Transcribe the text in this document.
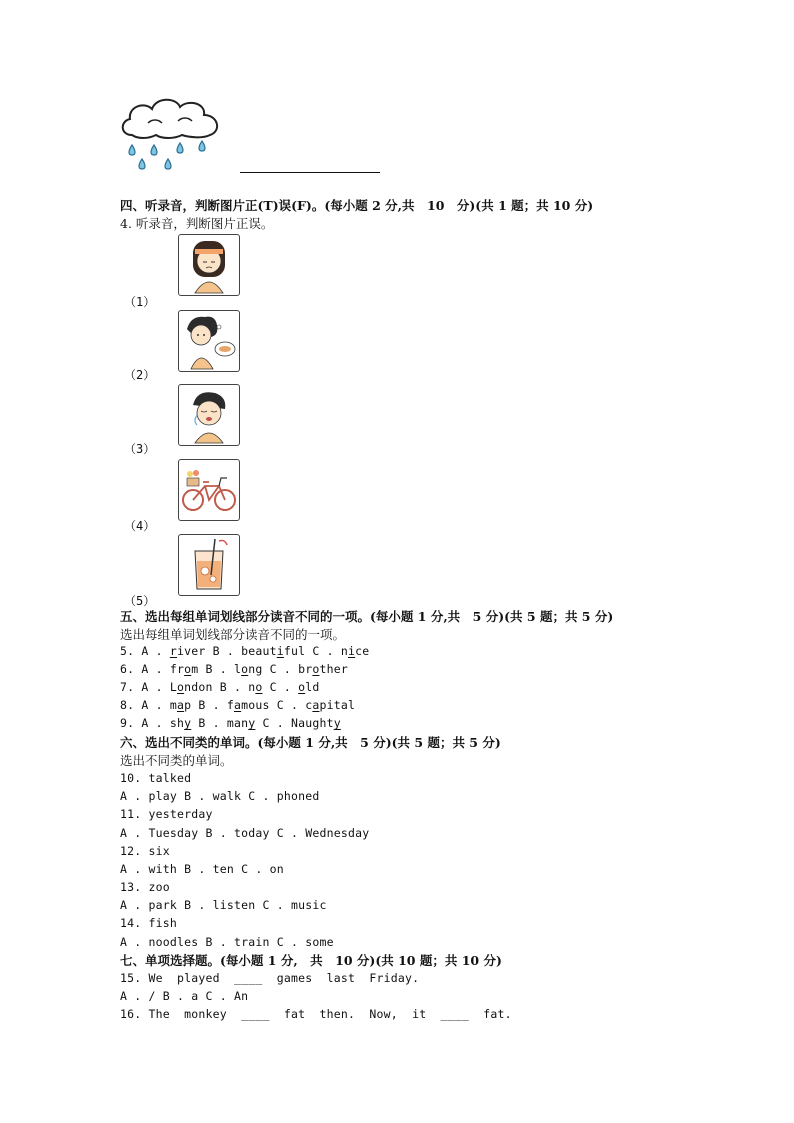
四、听录音，判断图片正(T)误(F)。(每小题 2 分,共　10　分)(共 1 题；共 10 分)
4. 听录音，判断图片正误。
（1）
（2）
（3）
（4）
（5）
五、选出每组单词划线部分读音不同的一项。(每小题 1 分,共　5 分)(共 5 题；共 5 分)
选出每组单词划线部分读音不同的一项。
5. A . river B . beautiful C . nice
6. A . from B . long C . brother
7. A . London B . no C . old
8. A . map B . famous C . capital
9. A . shy B . many C . Naughty
六、选出不同类的单词。(每小题 1 分,共　5 分)(共 5 题；共 5 分)
选出不同类的单词。
10. talked
A . play B . walk C . phoned
11. yesterday
A . Tuesday B . today C . Wednesday
12. six
A . with B . ten C . on
13. zoo
A . park B . listen C . music
14. fish
A . noodles B . train C . some
七、单项选择题。(每小题 1 分,　共　10 分)(共 10 题；共 10 分)
15. We  played  ____  games  last  Friday.
A . / B . a C . An
16. The  monkey  ____  fat  then.  Now,  it  ____  fat.
